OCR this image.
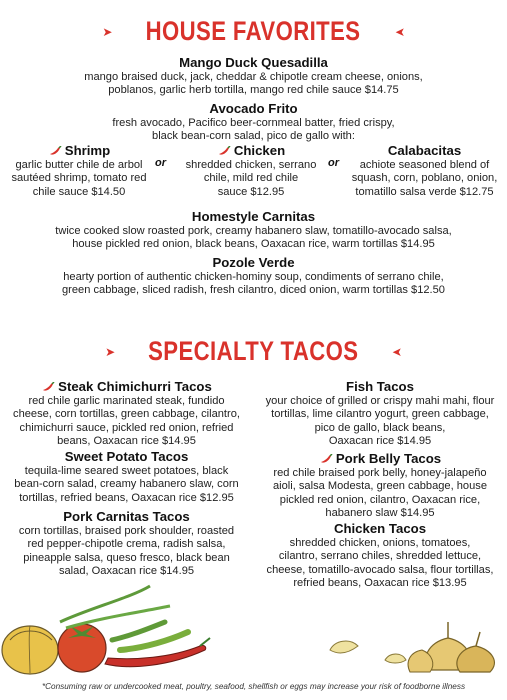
➤ HOUSE FAVORITES	➤
Mango Duck Quesadilla
mango braised duck, jack, cheddar & chipotle cream cheese, onions,
poblanos, garlic herb tortilla, mango red chile sauce $14.75
Avocado Frito
fresh avocado, Pacifico beer-cornmeal batter, fried crispy,
black bean-corn salad, pico de gallo with:
Shrimp
garlic butter chile de arbol
sautéed shrimp, tomato red
chile sauce $14.50
or
Chicken
shredded chicken, serrano
chile, mild red chile
sauce $12.95
or
Calabacitas
achiote seasoned blend of
squash, corn, poblano, onion,
tomatillo salsa verde $12.75
Homestyle Carnitas
twice cooked slow roasted pork, creamy habanero slaw, tomatillo-avocado salsa,
house pickled red onion, black beans, Oaxacan rice, warm tortillas $14.95
Pozole Verde
hearty portion of authentic chicken-hominy soup, condiments of serrano chile,
green cabbage, sliced radish, fresh cilantro, diced onion, warm tortillas $12.50
➤ SPECIALTY TACOS	➤
Steak Chimichurri Tacos
red chile garlic marinated steak, fundido
cheese, corn tortillas, green cabbage, cilantro,
chimichurri sauce, pickled red onion, refried
beans, Oaxacan rice $14.95
Sweet Potato Tacos
tequila-lime seared sweet potatoes, black
bean-corn salad, creamy habanero slaw, corn
tortillas, refried beans, Oaxacan rice $12.95
Pork Carnitas Tacos
corn tortillas, braised pork shoulder, roasted
red pepper-chipotle crema, radish salsa,
pineapple salsa, queso fresco, black bean
salad, Oaxacan rice $14.95
Fish Tacos
your choice of grilled or crispy mahi mahi, flour
tortillas, lime cilantro yogurt, green cabbage,
pico de gallo, black beans,
Oaxacan rice $14.95
Pork Belly Tacos
red chile braised pork belly, honey-jalapeño
aioli, salsa Modesta, green cabbage, house
pickled red onion, cilantro, Oaxacan rice,
habanero slaw $14.95
Chicken Tacos
shredded chicken, onions, tomatoes,
cilantro, serrano chiles, shredded lettuce,
cheese, tomatillo-avocado salsa, flour tortillas,
refried beans, Oaxacan rice $13.95
*Consuming raw or undercooked meat, poultry, seafood, shellfish or eggs may increase your risk of foodborne illness
